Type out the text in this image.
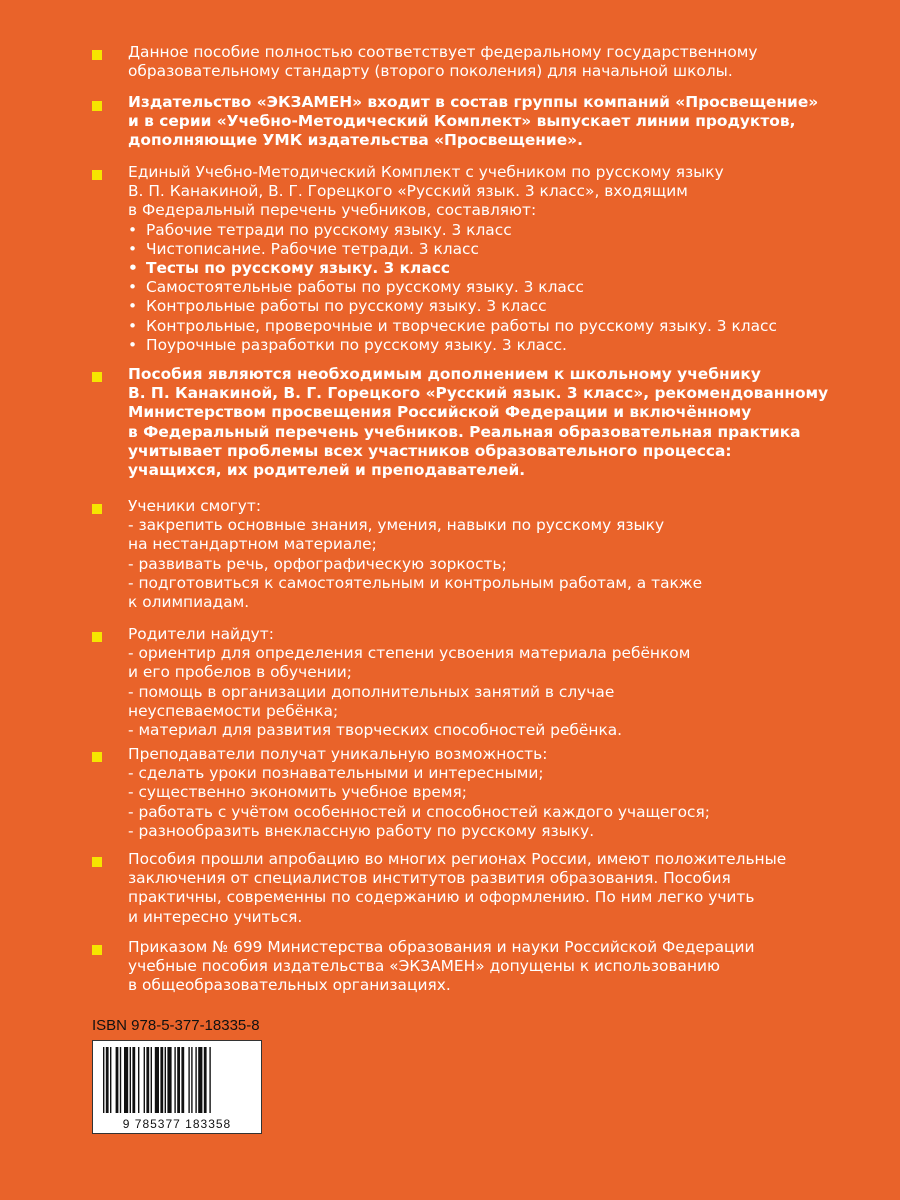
Данное пособие полностью соответствует федеральному государственному
образовательному стандарту (второго поколения) для начальной школы.
Издательство «ЭКЗАМЕН» входит в состав группы компаний «Просвещение»
и в серии «Учебно-Методический Комплект» выпускает линии продуктов,
дополняющие УМК издательства «Просвещение».
Единый Учебно-Методический Комплект с учебником по русскому языку
В. П. Канакиной, В. Г. Горецкого «Русский язык. 3 класс», входящим
в Федеральный перечень учебников, составляют:
• Рабочие тетради по русскому языку. 3 класс
• Чистописание. Рабочие тетради. 3 класс
• Тесты по русскому языку. 3 класс
• Самостоятельные работы по русскому языку. 3 класс
• Контрольные работы по русскому языку. 3 класс
• Контрольные, проверочные и творческие работы по русскому языку. 3 класс
• Поурочные разработки по русскому языку. 3 класс.
Пособия являются необходимым дополнением к школьному учебнику
В. П. Канакиной, В. Г. Горецкого «Русский язык. 3 класс», рекомендованному
Министерством просвещения Российской Федерации и включённому
в Федеральный перечень учебников. Реальная образовательная практика
учитывает проблемы всех участников образовательного процесса:
учащихся, их родителей и преподавателей.
Ученики смогут:
- закрепить основные знания, умения, навыки по русскому языку
на нестандартном материале;
- развивать речь, орфографическую зоркость;
- подготовиться к самостоятельным и контрольным работам, а также
к олимпиадам.
Родители найдут:
- ориентир для определения степени усвоения материала ребёнком
и его пробелов в обучении;
- помощь в организации дополнительных занятий в случае
неуспеваемости ребёнка;
- материал для развития творческих способностей ребёнка.
Преподаватели получат уникальную возможность:
- сделать уроки познавательными и интересными;
- существенно экономить учебное время;
- работать с учётом особенностей и способностей каждого учащегося;
- разнообразить внеклассную работу по русскому языку.
Пособия прошли апробацию во многих регионах России, имеют положительные
заключения от специалистов институтов развития образования. Пособия
практичны, современны по содержанию и оформлению. По ним легко учить
и интересно учиться.
Приказом № 699 Министерства образования и науки Российской Федерации
учебные пособия издательства «ЭКЗАМЕН» допущены к использованию
в общеобразовательных организациях.
ISBN 978-5-377-18335-8
9 785377 183358
